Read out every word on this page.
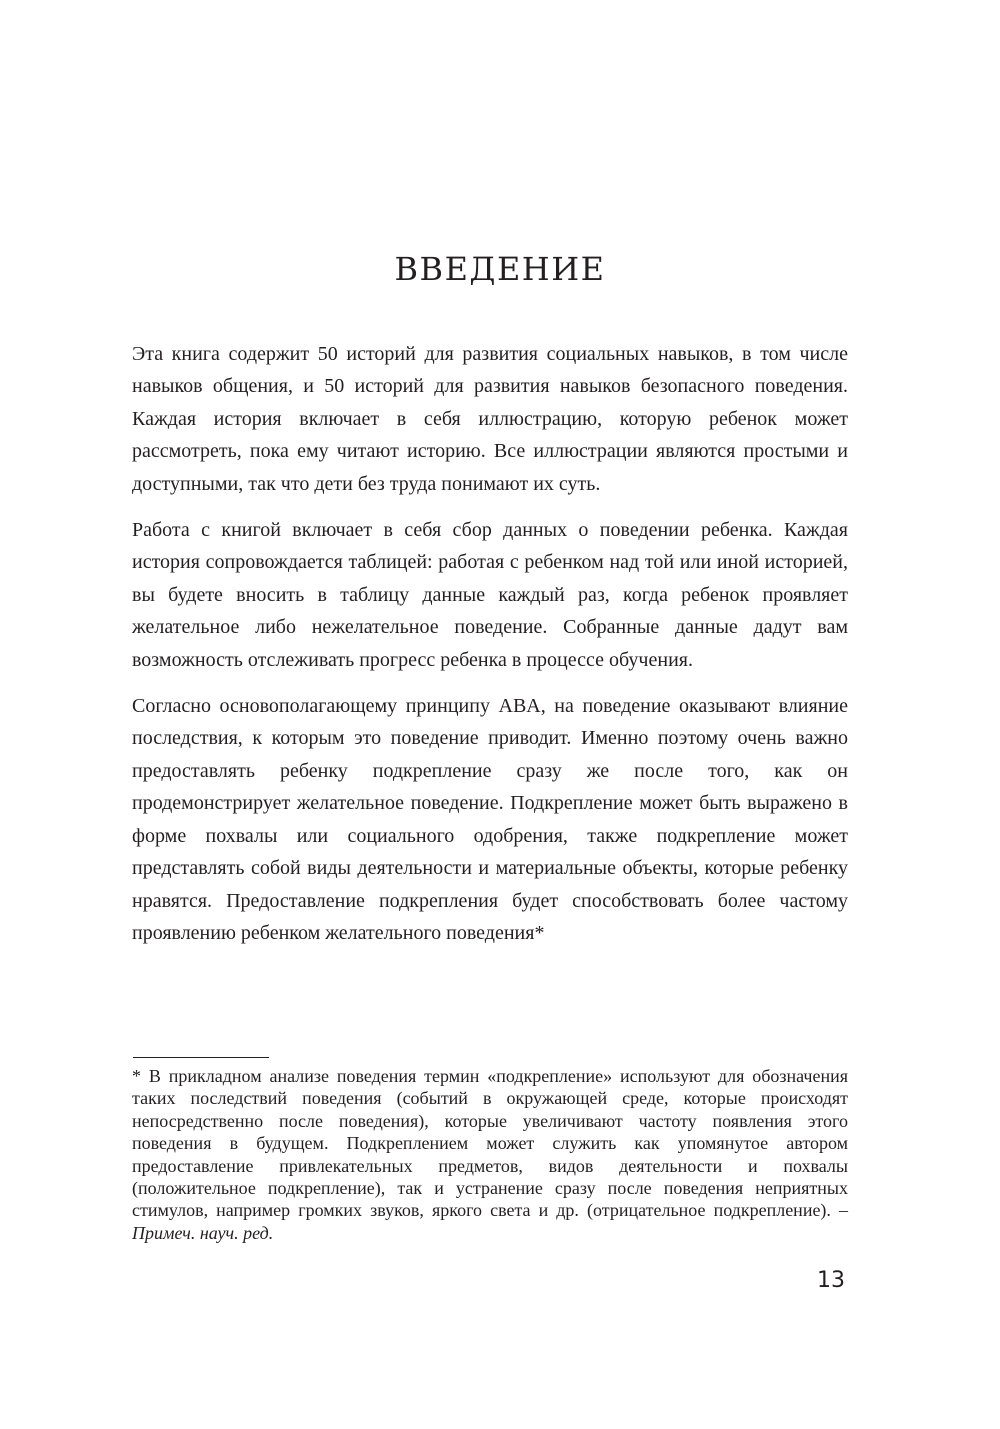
ВВЕДЕНИЕ

Эта книга содержит 50 историй для развития социальных навыков, в том числе навыков общения, и 50 историй для развития навыков безопасного поведения. Каждая история включает в себя иллюстрацию, которую ребенок может рассмотреть, пока ему читают историю. Все иллюстрации являются простыми и доступными, так что дети без труда понимают их суть.

Работа с книгой включает в себя сбор данных о поведении ребенка. Каждая история сопровождается таблицей: работая с ребенком над той или иной историей, вы будете вносить в таблицу данные каждый раз, когда ребенок проявляет желательное либо нежелательное поведение. Собранные данные дадут вам возможность отслеживать прогресс ребенка в процессе обучения.

Согласно основополагающему принципу ABA, на поведение оказывают влияние последствия, к которым это поведение приводит. Именно поэтому очень важно предоставлять ребенку подкрепление сразу же после того, как он продемонстрирует желательное поведение. Подкрепление может быть выражено в форме похвалы или социального одобрения, также подкрепление может представлять собой виды деятельности и материальные объекты, которые ребенку нравятся. Предоставление подкрепления будет способствовать более частому проявлению ребенком желательного поведения*

* В прикладном анализе поведения термин «подкрепление» используют для обозначения таких последствий поведения (событий в окружающей среде, которые происходят непосредственно после поведения), которые увеличивают частоту появления этого поведения в будущем. Подкреплением может служить как упомянутое автором предоставление привлекательных предметов, видов деятельности и похвалы (положительное подкрепление), так и устранение сразу после поведения неприятных стимулов, например громких звуков, яркого света и др. (отрицательное подкрепление). – Примеч. науч. ред.

13
